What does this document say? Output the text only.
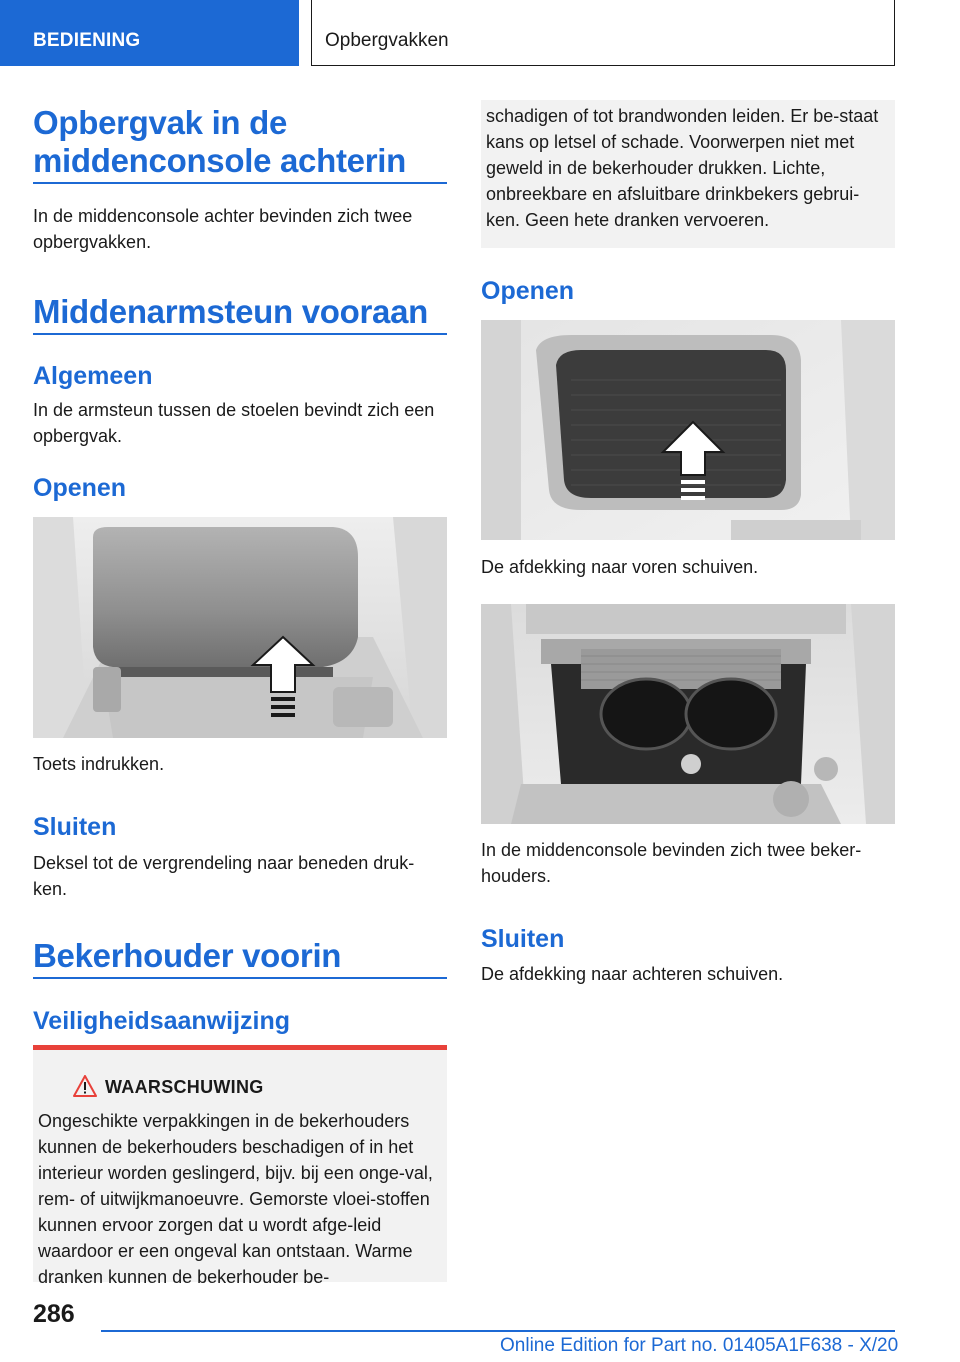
BEDIENING	Opbergvakken
Opbergvak in de middenconsole achterin
In de middenconsole achter bevinden zich twee opbergvakken.
Middenarmsteun vooraan
Algemeen
In de armsteun tussen de stoelen bevindt zich een opbergvak.
Openen
Toets indrukken.
Sluiten
Deksel tot de vergrendeling naar beneden druk-ken.
Bekerhouder voorin
Veiligheidsaanwijzing
WAARSCHUWING
Ongeschikte verpakkingen in de bekerhouders kunnen de bekerhouders beschadigen of in het interieur worden geslingerd, bijv. bij een onge-val, rem- of uitwijkmanoeuvre. Gemorste vloei-stoffen kunnen ervoor zorgen dat u wordt afge-leid waardoor er een ongeval kan ontstaan. Warme dranken kunnen de bekerhouder be-
schadigen of tot brandwonden leiden. Er be-staat kans op letsel of schade. Voorwerpen niet met geweld in de bekerhouder drukken. Lichte, onbreekbare en afsluitbare drinkbekers gebrui-ken. Geen hete dranken vervoeren.
Openen
De afdekking naar voren schuiven.
In de middenconsole bevinden zich twee beker-houders.
Sluiten
De afdekking naar achteren schuiven.
286
Online Edition for Part no. 01405A1F638 - X/20
